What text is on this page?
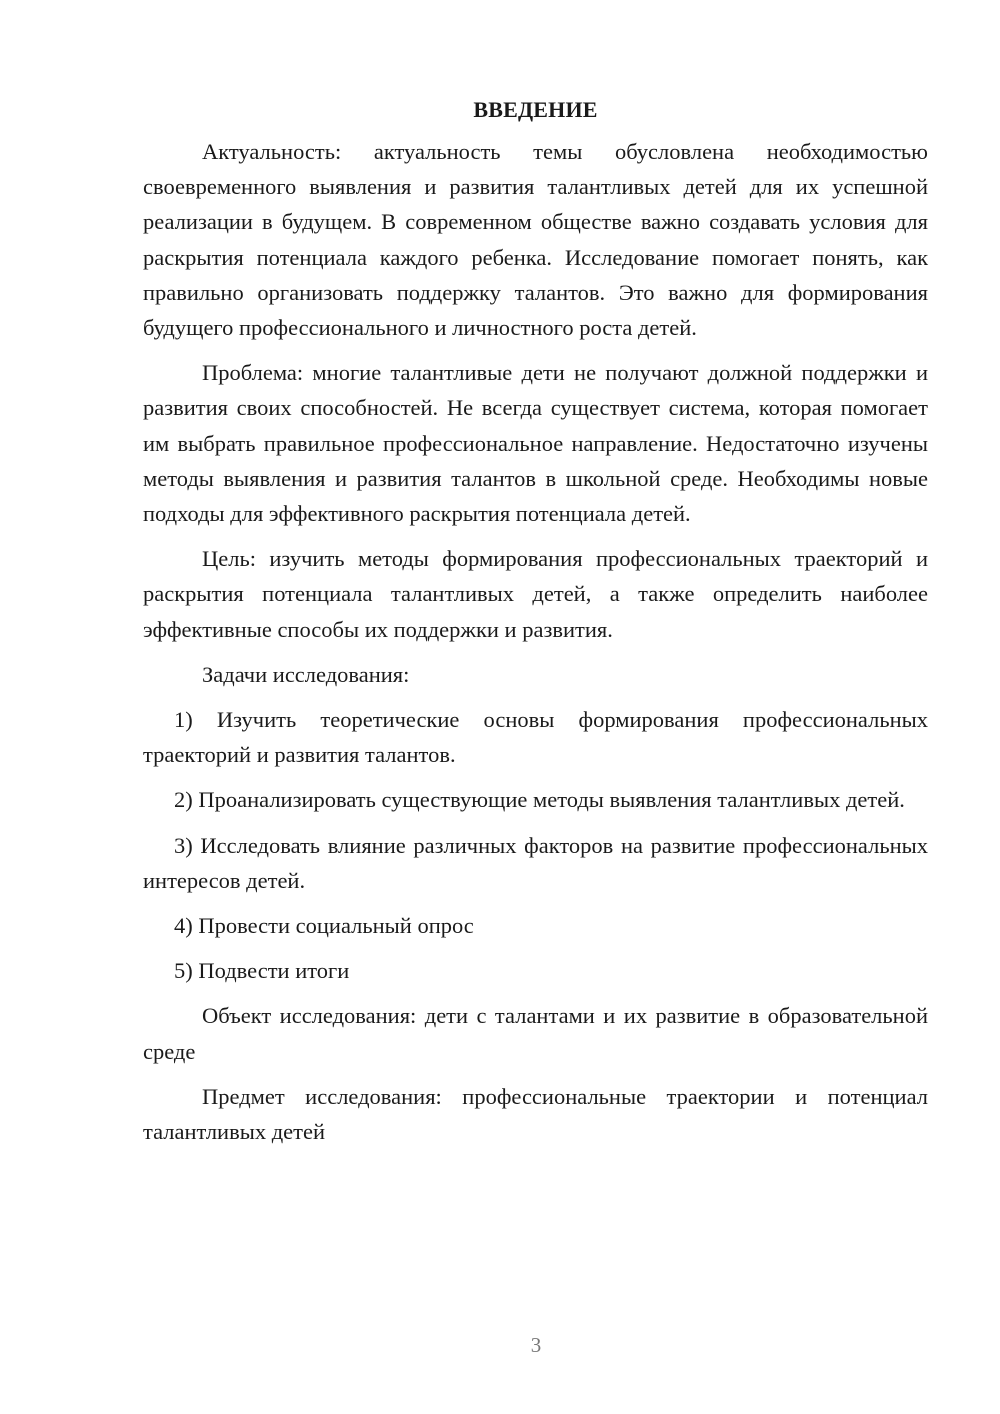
ВВЕДЕНИЕ

Актуальность: актуальность темы обусловлена необходимостью своевременного выявления и развития талантливых детей для их успешной реализации в будущем. В современном обществе важно создавать условия для раскрытия потенциала каждого ребенка. Исследование помогает понять, как правильно организовать поддержку талантов. Это важно для формирования будущего профессионального и личностного роста детей.

Проблема: многие талантливые дети не получают должной поддержки и развития своих способностей. Не всегда существует система, которая помогает им выбрать правильное профессиональное направление. Недостаточно изучены методы выявления и развития талантов в школьной среде. Необходимы новые подходы для эффективного раскрытия потенциала детей.

Цель: изучить методы формирования профессиональных траекторий и раскрытия потенциала талантливых детей, а также определить наиболее эффективные способы их поддержки и развития.

Задачи исследования:

1) Изучить теоретические основы формирования профессиональных траекторий и развития талантов.

2) Проанализировать существующие методы выявления талантливых детей.

3) Исследовать влияние различных факторов на развитие профессиональных интересов детей.

4) Провести социальный опрос

5) Подвести итоги

Объект исследования: дети с талантами и их развитие в образовательной среде

Предмет исследования: профессиональные траектории и потенциал талантливых детей

3
